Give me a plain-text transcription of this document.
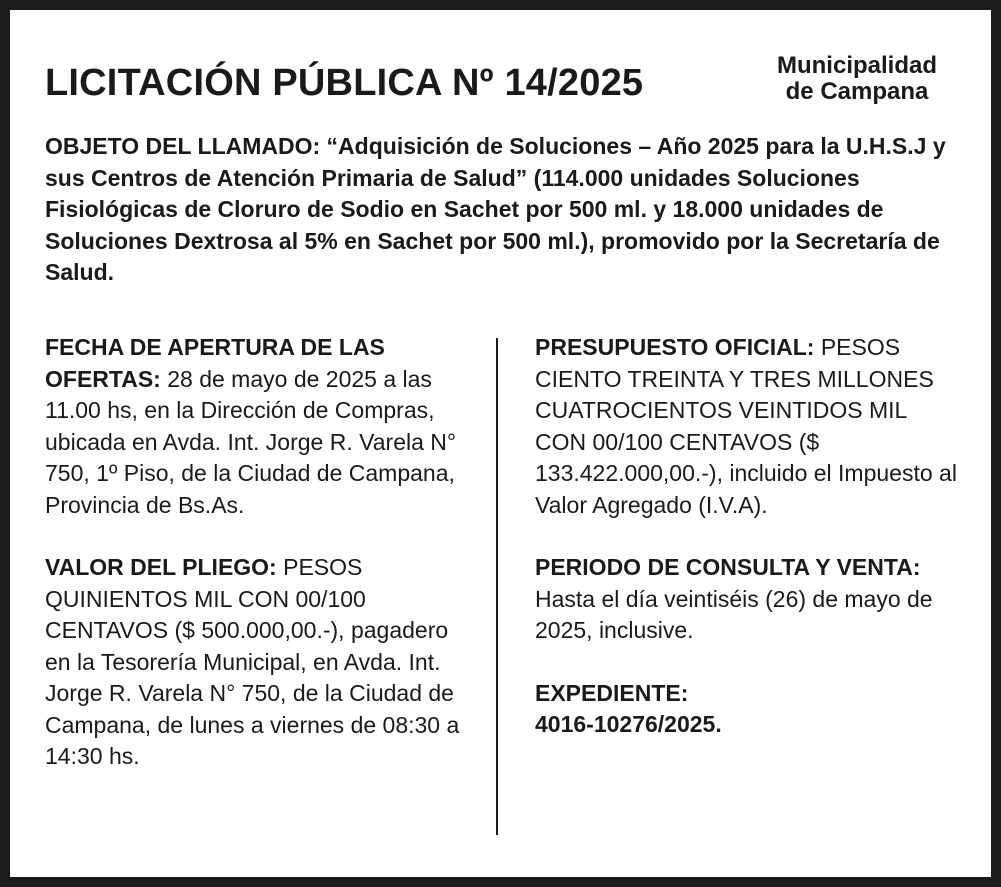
LICITACIÓN PÚBLICA Nº 14/2025	Municipalidad
de Campana

OBJETO DEL LLAMADO: “Adquisición de Soluciones – Año 2025 para la U.H.S.J y sus Centros de Atención Primaria de Salud” (114.000 unidades Soluciones Fisiológicas de Cloruro de Sodio en Sachet por 500 ml. y 18.000 unidades de Soluciones Dextrosa al 5% en Sachet por 500 ml.), promovido por la Secretaría de Salud.

FECHA DE APERTURA DE LAS OFERTAS: 28 de mayo de 2025 a las 11.00 hs, en la Dirección de Compras, ubicada en Avda. Int. Jorge R. Varela N° 750, 1º Piso, de la Ciudad de Campana, Provincia de Bs.As.

VALOR DEL PLIEGO: PESOS QUINIENTOS MIL CON 00/100 CENTAVOS ($ 500.000,00.-), pagadero en la Tesorería Municipal, en Avda. Int. Jorge R. Varela N° 750, de la Ciudad de Campana, de lunes a viernes de 08:30 a 14:30 hs.

PRESUPUESTO OFICIAL: PESOS CIENTO TREINTA Y TRES MILLONES CUATROCIENTOS VEINTIDOS MIL CON 00/100 CENTAVOS ($ 133.422.000,00.-), incluido el Impuesto al Valor Agregado (I.V.A).

PERIODO DE CONSULTA Y VENTA: Hasta el día veintiséis (26) de mayo de 2025, inclusive.

EXPEDIENTE:
4016-10276/2025.
